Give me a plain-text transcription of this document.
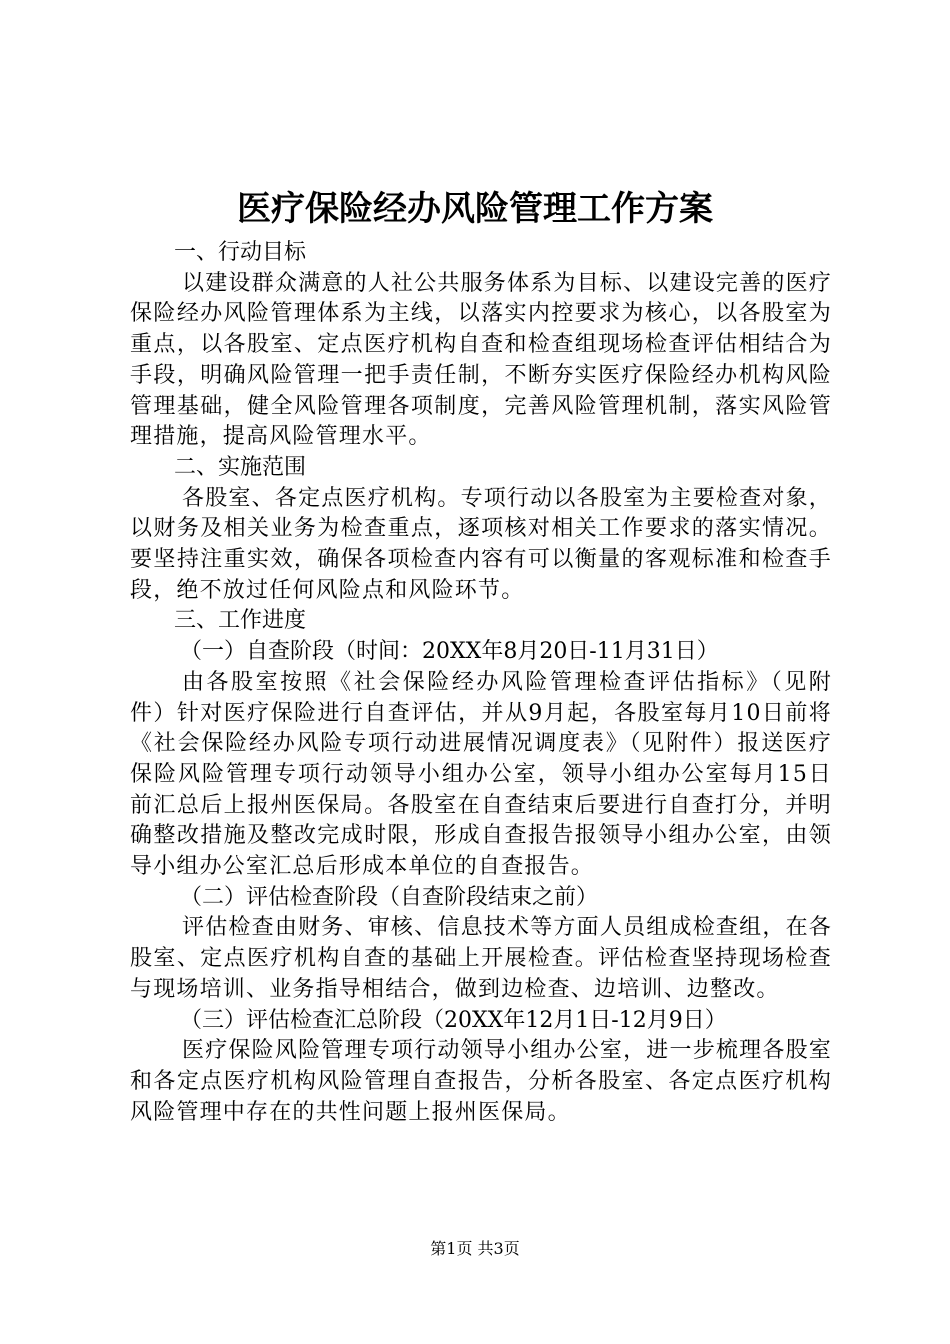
医疗保险经办风险管理工作方案

一、行动目标

以建设群众满意的人社公共服务体系为目标、以建设完善的医疗保险经办风险管理体系为主线，以落实内控要求为核心，以各股室为重点，以各股室、定点医疗机构自查和检查组现场检查评估相结合为手段，明确风险管理一把手责任制，不断夯实医疗保险经办机构风险管理基础，健全风险管理各项制度，完善风险管理机制，落实风险管理措施，提高风险管理水平。

二、实施范围

各股室、各定点医疗机构。专项行动以各股室为主要检查对象，以财务及相关业务为检查重点，逐项核对相关工作要求的落实情况。要坚持注重实效，确保各项检查内容有可以衡量的客观标准和检查手段，绝不放过任何风险点和风险环节。

三、工作进度

（一）自查阶段（时间：20XX年8月20日-11月31日）

由各股室按照《社会保险经办风险管理检查评估指标》（见附件）针对医疗保险进行自查评估，并从9月起，各股室每月10日前将《社会保险经办风险专项行动进展情况调度表》（见附件）报送医疗保险风险管理专项行动领导小组办公室，领导小组办公室每月15日前汇总后上报州医保局。各股室在自查结束后要进行自查打分，并明确整改措施及整改完成时限，形成自查报告报领导小组办公室，由领导小组办公室汇总后形成本单位的自查报告。

（二）评估检查阶段（自查阶段结束之前）

评估检查由财务、审核、信息技术等方面人员组成检查组，在各股室、定点医疗机构自查的基础上开展检查。评估检查坚持现场检查与现场培训、业务指导相结合，做到边检查、边培训、边整改。

（三）评估检查汇总阶段（20XX年12月1日-12月9日）

医疗保险风险管理专项行动领导小组办公室，进一步梳理各股室和各定点医疗机构风险管理自查报告，分析各股室、各定点医疗机构风险管理中存在的共性问题上报州医保局。

第1页 共3页
